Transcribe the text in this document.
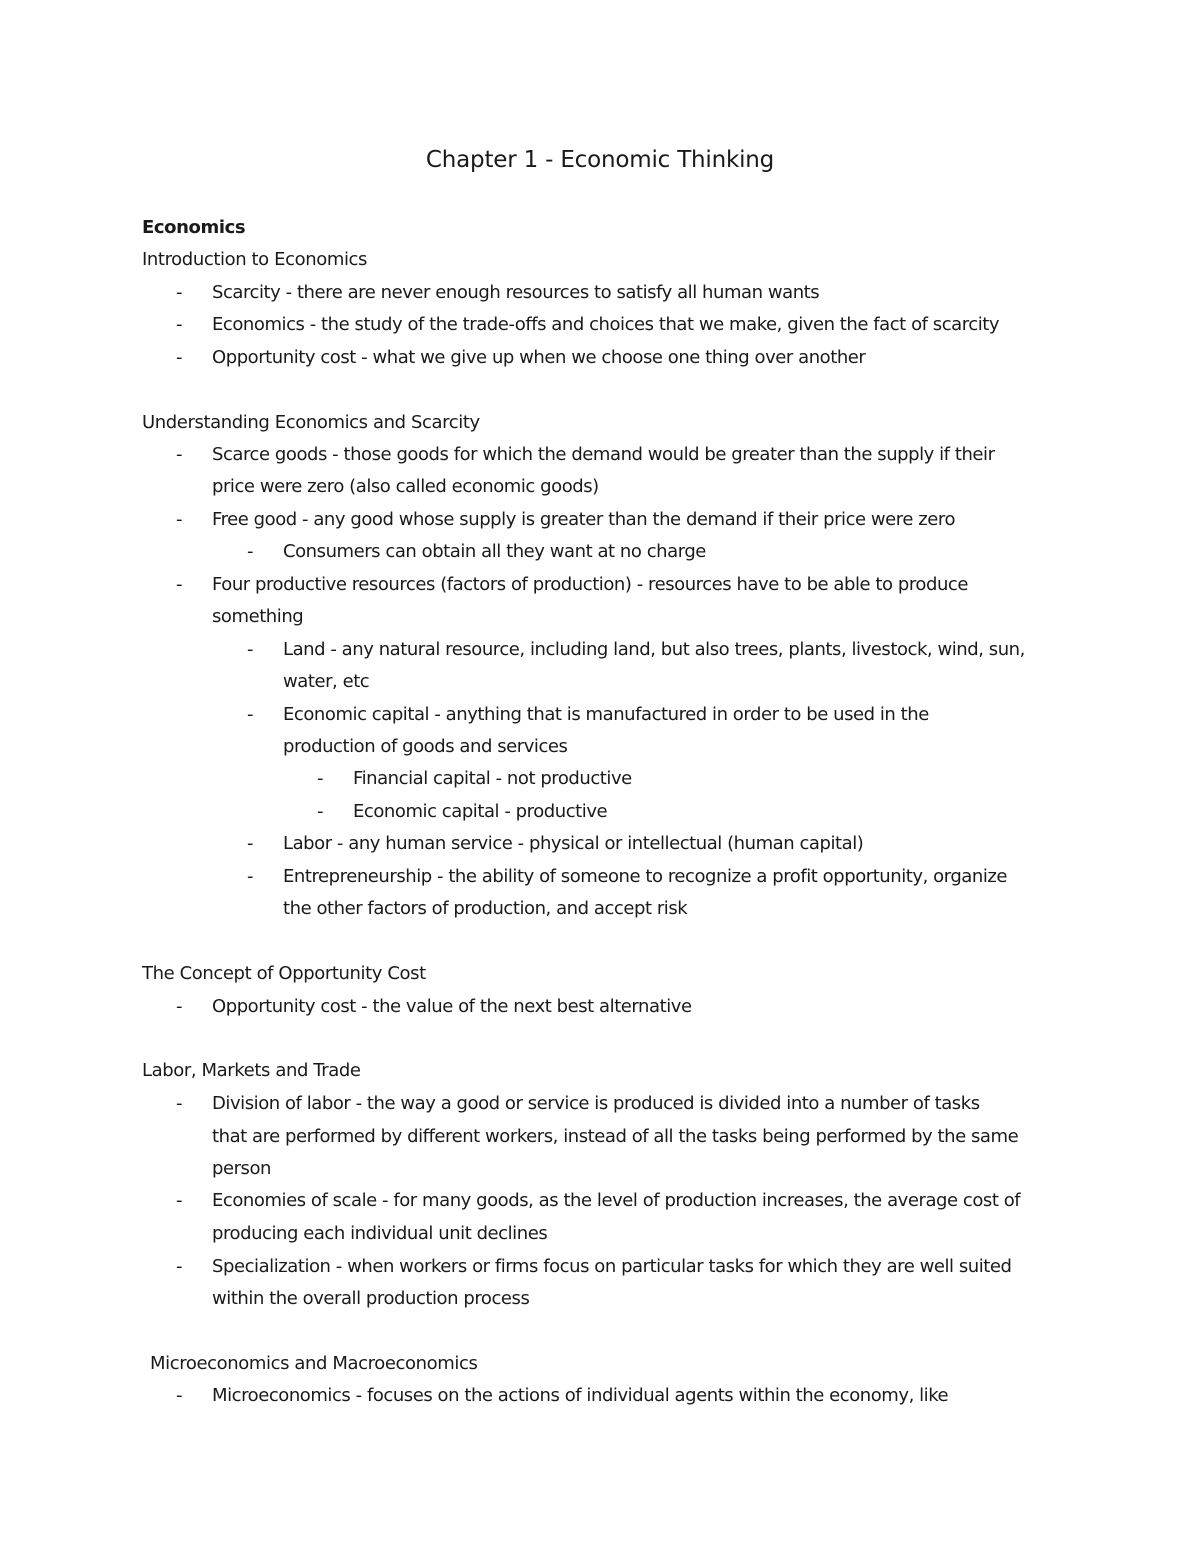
Chapter 1 - Economic Thinking
Economics
Introduction to Economics
- Scarcity - there are never enough resources to satisfy all human wants
- Economics - the study of the trade-offs and choices that we make, given the fact of scarcity
- Opportunity cost - what we give up when we choose one thing over another
Understanding Economics and Scarcity
- Scarce goods - those goods for which the demand would be greater than the supply if their
price were zero (also called economic goods)
- Free good - any good whose supply is greater than the demand if their price were zero
- Consumers can obtain all they want at no charge
- Four productive resources (factors of production) - resources have to be able to produce
something
- Land - any natural resource, including land, but also trees, plants, livestock, wind, sun,
water, etc
- Economic capital - anything that is manufactured in order to be used in the
production of goods and services
- Financial capital - not productive
- Economic capital - productive
- Labor - any human service - physical or intellectual (human capital)
- Entrepreneurship - the ability of someone to recognize a profit opportunity, organize
the other factors of production, and accept risk
The Concept of Opportunity Cost
- Opportunity cost - the value of the next best alternative
Labor, Markets and Trade
- Division of labor - the way a good or service is produced is divided into a number of tasks
that are performed by different workers, instead of all the tasks being performed by the same
person
- Economies of scale - for many goods, as the level of production increases, the average cost of
producing each individual unit declines
- Specialization - when workers or firms focus on particular tasks for which they are well suited
within the overall production process
Microeconomics and Macroeconomics
- Microeconomics - focuses on the actions of individual agents within the economy, like
